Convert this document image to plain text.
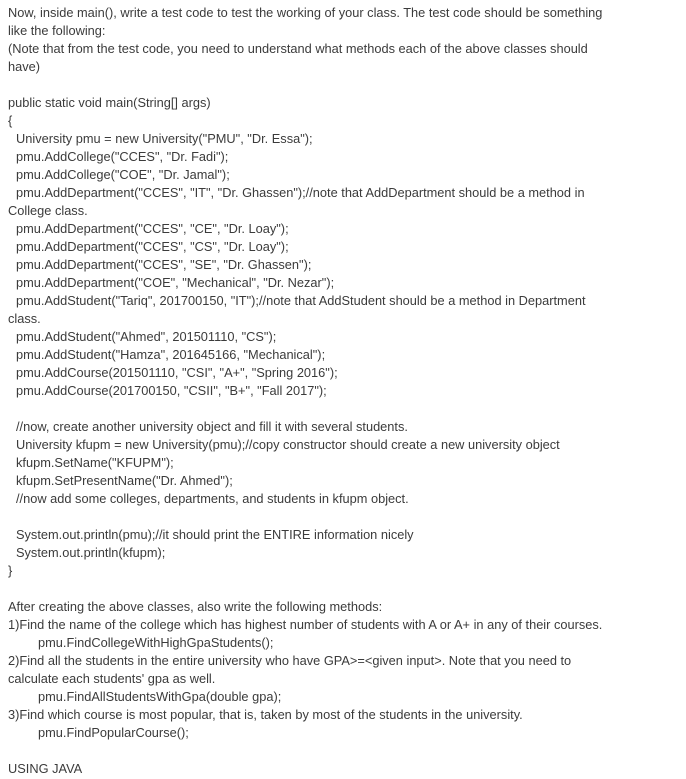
Now, inside main(), write a test code to test the working of your class. The test code should be something
like the following:
(Note that from the test code, you need to understand what methods each of the above classes should
have)
public static void main(String[] args)
{
University pmu = new University("PMU", "Dr. Essa");
pmu.AddCollege("CCES", "Dr. Fadi");
pmu.AddCollege("COE", "Dr. Jamal");
pmu.AddDepartment("CCES", "IT", "Dr. Ghassen");//note that AddDepartment should be a method in
College class.
pmu.AddDepartment("CCES", "CE", "Dr. Loay");
pmu.AddDepartment("CCES", "CS", "Dr. Loay");
pmu.AddDepartment("CCES", "SE", "Dr. Ghassen");
pmu.AddDepartment("COE", "Mechanical", "Dr. Nezar");
pmu.AddStudent("Tariq", 201700150, "IT");//note that AddStudent should be a method in Department
class.
pmu.AddStudent("Ahmed", 201501110, "CS");
pmu.AddStudent("Hamza", 201645166, "Mechanical");
pmu.AddCourse(201501110, "CSI", "A+", "Spring 2016");
pmu.AddCourse(201700150, "CSII", "B+", "Fall 2017");
//now, create another university object and fill it with several students.
University kfupm = new University(pmu);//copy constructor should create a new university object
kfupm.SetName("KFUPM");
kfupm.SetPresentName("Dr. Ahmed");
//now add some colleges, departments, and students in kfupm object.
System.out.println(pmu);//it should print the ENTIRE information nicely
System.out.println(kfupm);
}
After creating the above classes, also write the following methods:
1)Find the name of the college which has highest number of students with A or A+ in any of their courses.
pmu.FindCollegeWithHighGpaStudents();
2)Find all the students in the entire university who have GPA>=<given input>. Note that you need to
calculate each students' gpa as well.
pmu.FindAllStudentsWithGpa(double gpa);
3)Find which course is most popular, that is, taken by most of the students in the university.
pmu.FindPopularCourse();
USING JAVA
